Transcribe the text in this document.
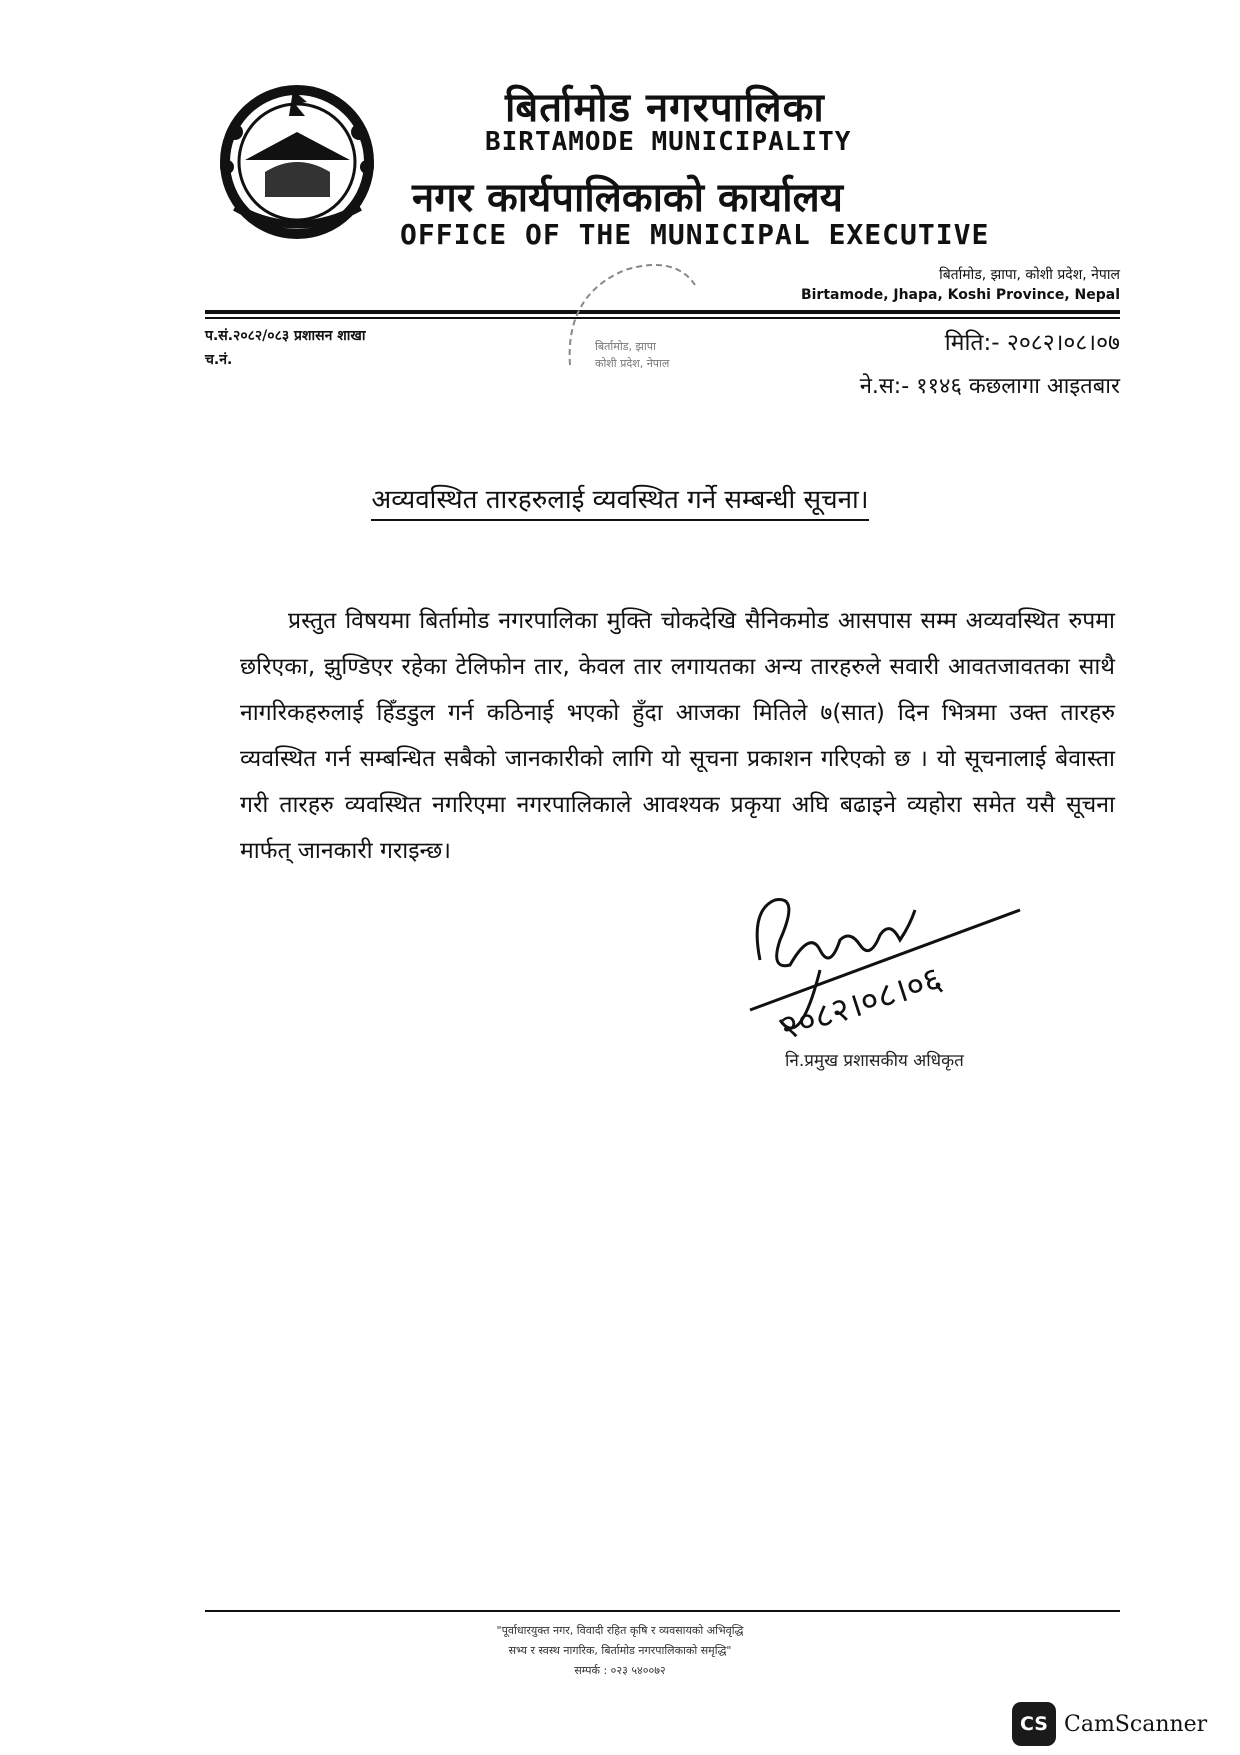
बिर्तामोड नगरपालिका
BIRTAMODE MUNICIPALITY
नगर कार्यपालिकाको कार्यालय
OFFICE OF THE MUNICIPAL EXECUTIVE
बिर्तामोड, झापा, कोशी प्रदेश, नेपाल
Birtamode, Jhapa, Koshi Province, Nepal
बिर्तामोड, झापा
कोशी प्रदेश, नेपाल
प.सं.२०८२/०८३ प्रशासन शाखा
च.नं.
मिति:- २०८२।०८।०७
ने.स:- ११४६ कछलागा आइतबार
अव्यवस्थित तारहरुलाई व्यवस्थित गर्ने सम्बन्धी सूचना।
प्रस्तुत विषयमा बिर्तामोड नगरपालिका मुक्ति चोकदेखि सैनिकमोड आसपास सम्म अव्यवस्थित रुपमा छरिएका, झुण्डिएर रहेका टेलिफोन तार, केवल तार लगायतका अन्य तारहरुले सवारी आवतजावतका साथै नागरिकहरुलाई हिँडडुल गर्न कठिनाई भएको हुँदा आजका मितिले ७(सात) दिन भित्रमा उक्त तारहरु व्यवस्थित गर्न सम्बन्धित सबैको जानकारीको लागि यो सूचना प्रकाशन गरिएको छ । यो सूचनालाई बेवास्ता गरी तारहरु व्यवस्थित नगरिएमा नगरपालिकाले आवश्यक प्रकृया अघि बढाइने व्यहोरा समेत यसै सूचना मार्फत् जानकारी गराइन्छ।
२०८२।०८।०६
नि.प्रमुख प्रशासकीय अधिकृत
"पूर्वाधारयुक्त नगर, विवादी रहित कृषि र व्यवसायको अभिवृद्धि
सभ्य र स्वस्थ नागरिक, बिर्तामोड नगरपालिकाको समृद्धि"
सम्पर्क : ०२३ ५४००७२
CS CamScanner
